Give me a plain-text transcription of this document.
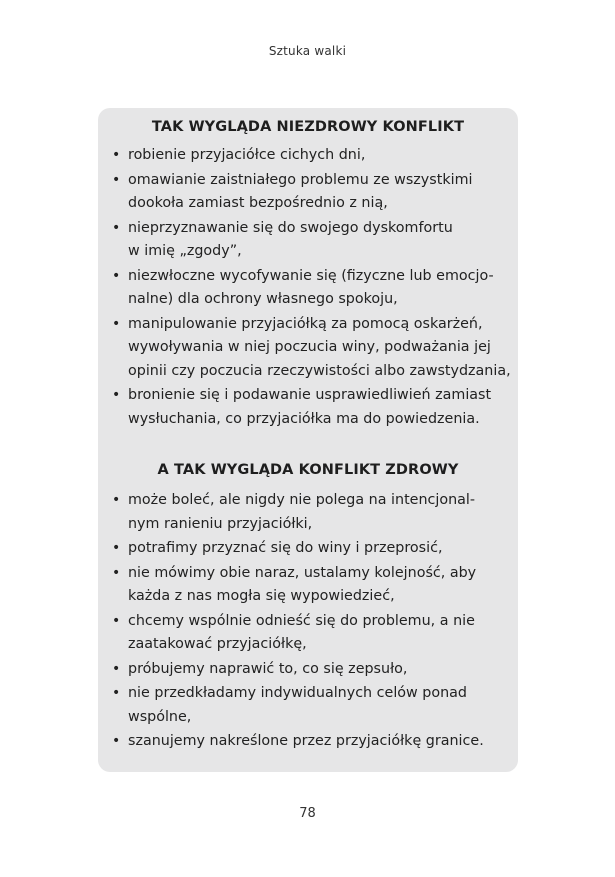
Sztuka walki
TAK WYGLĄDA NIEZDROWY KONFLIKT
• robienie przyjaciółce cichych dni,
• omawianie zaistniałego problemu ze wszystkimi
dookoła zamiast bezpośrednio z nią,
• nieprzyznawanie się do swojego dyskomfortu
w imię „zgody”,
• niezwłoczne wycofywanie się (fizyczne lub emocjo-
nalne) dla ochrony własnego spokoju,
• manipulowanie przyjaciółką za pomocą oskarżeń,
wywoływania w niej poczucia winy, podważania jej
opinii czy poczucia rzeczywistości albo zawstydzania,
• bronienie się i podawanie usprawiedliwień zamiast
wysłuchania, co przyjaciółka ma do powiedzenia.
A TAK WYGLĄDA KONFLIKT ZDROWY
• może boleć, ale nigdy nie polega na intencjonal-
nym ranieniu przyjaciółki,
• potrafimy przyznać się do winy i przeprosić,
• nie mówimy obie naraz, ustalamy kolejność, aby
każda z nas mogła się wypowiedzieć,
• chcemy wspólnie odnieść się do problemu, a nie
zaatakować przyjaciółkę,
• próbujemy naprawić to, co się zepsuło,
• nie przedkładamy indywidualnych celów ponad
wspólne,
• szanujemy nakreślone przez przyjaciółkę granice.
78
